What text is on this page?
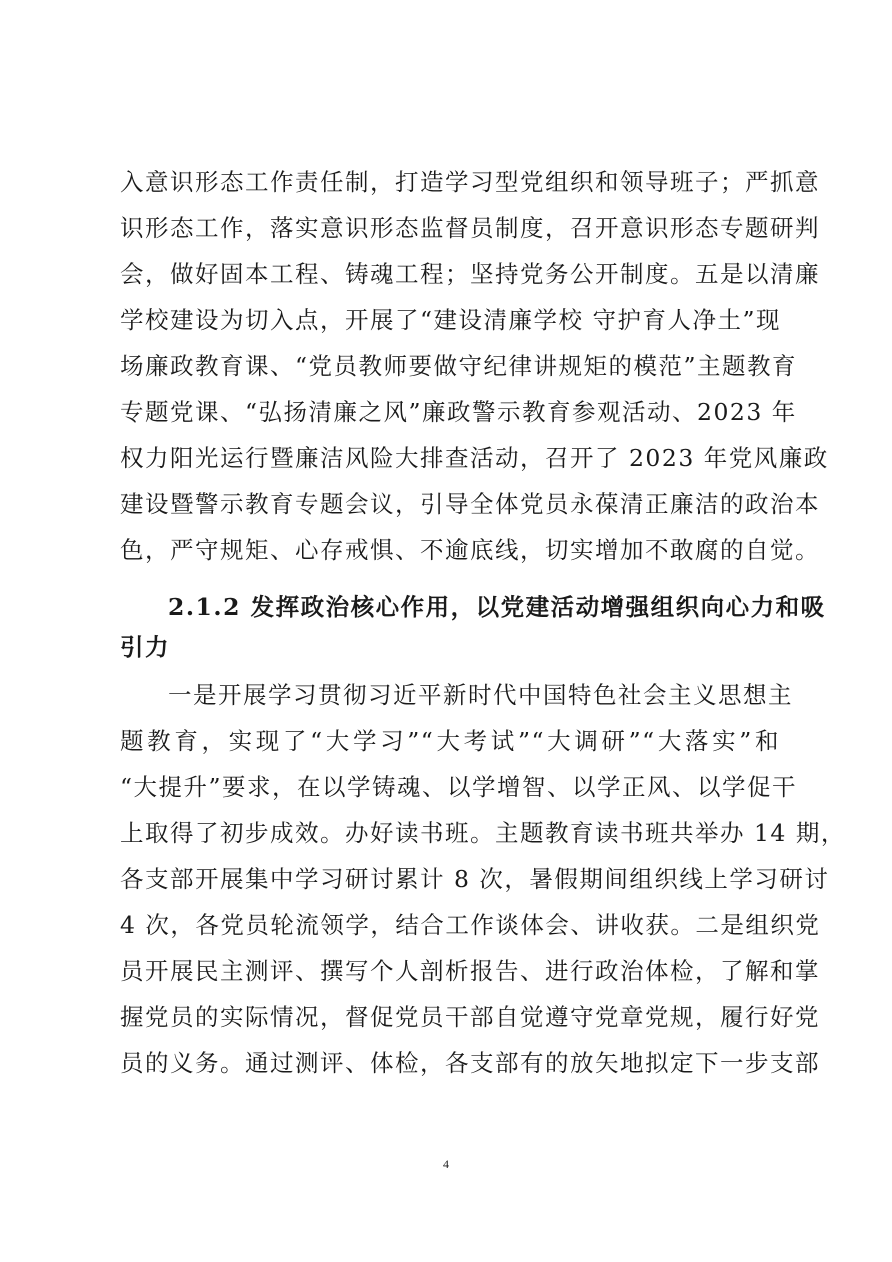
入意识形态工作责任制，打造学习型党组织和领导班子；严抓意
识形态工作，落实意识形态监督员制度，召开意识形态专题研判
会，做好固本工程、铸魂工程；坚持党务公开制度。五是以清廉
学校建设为切入点，开展了“建设清廉学校 守护育人净土”现
场廉政教育课、“党员教师要做守纪律讲规矩的模范”主题教育
专题党课、“弘扬清廉之风”廉政警示教育参观活动、2023 年
权力阳光运行暨廉洁风险大排查活动，召开了 2023 年党风廉政
建设暨警示教育专题会议，引导全体党员永葆清正廉洁的政治本
色，严守规矩、心存戒惧、不逾底线，切实增加不敢腐的自觉。
2.1.2 发挥政治核心作用，以党建活动增强组织向心力和吸
引力
一是开展学习贯彻习近平新时代中国特色社会主义思想主
题教育，实现了“大学习”“大考试”“大调研”“大落实”和
“大提升”要求，在以学铸魂、以学增智、以学正风、以学促干
上取得了初步成效。办好读书班。主题教育读书班共举办 14 期，
各支部开展集中学习研讨累计 8 次，暑假期间组织线上学习研讨
4 次，各党员轮流领学，结合工作谈体会、讲收获。二是组织党
员开展民主测评、撰写个人剖析报告、进行政治体检，了解和掌
握党员的实际情况，督促党员干部自觉遵守党章党规，履行好党
员的义务。通过测评、体检，各支部有的放矢地拟定下一步支部
4
